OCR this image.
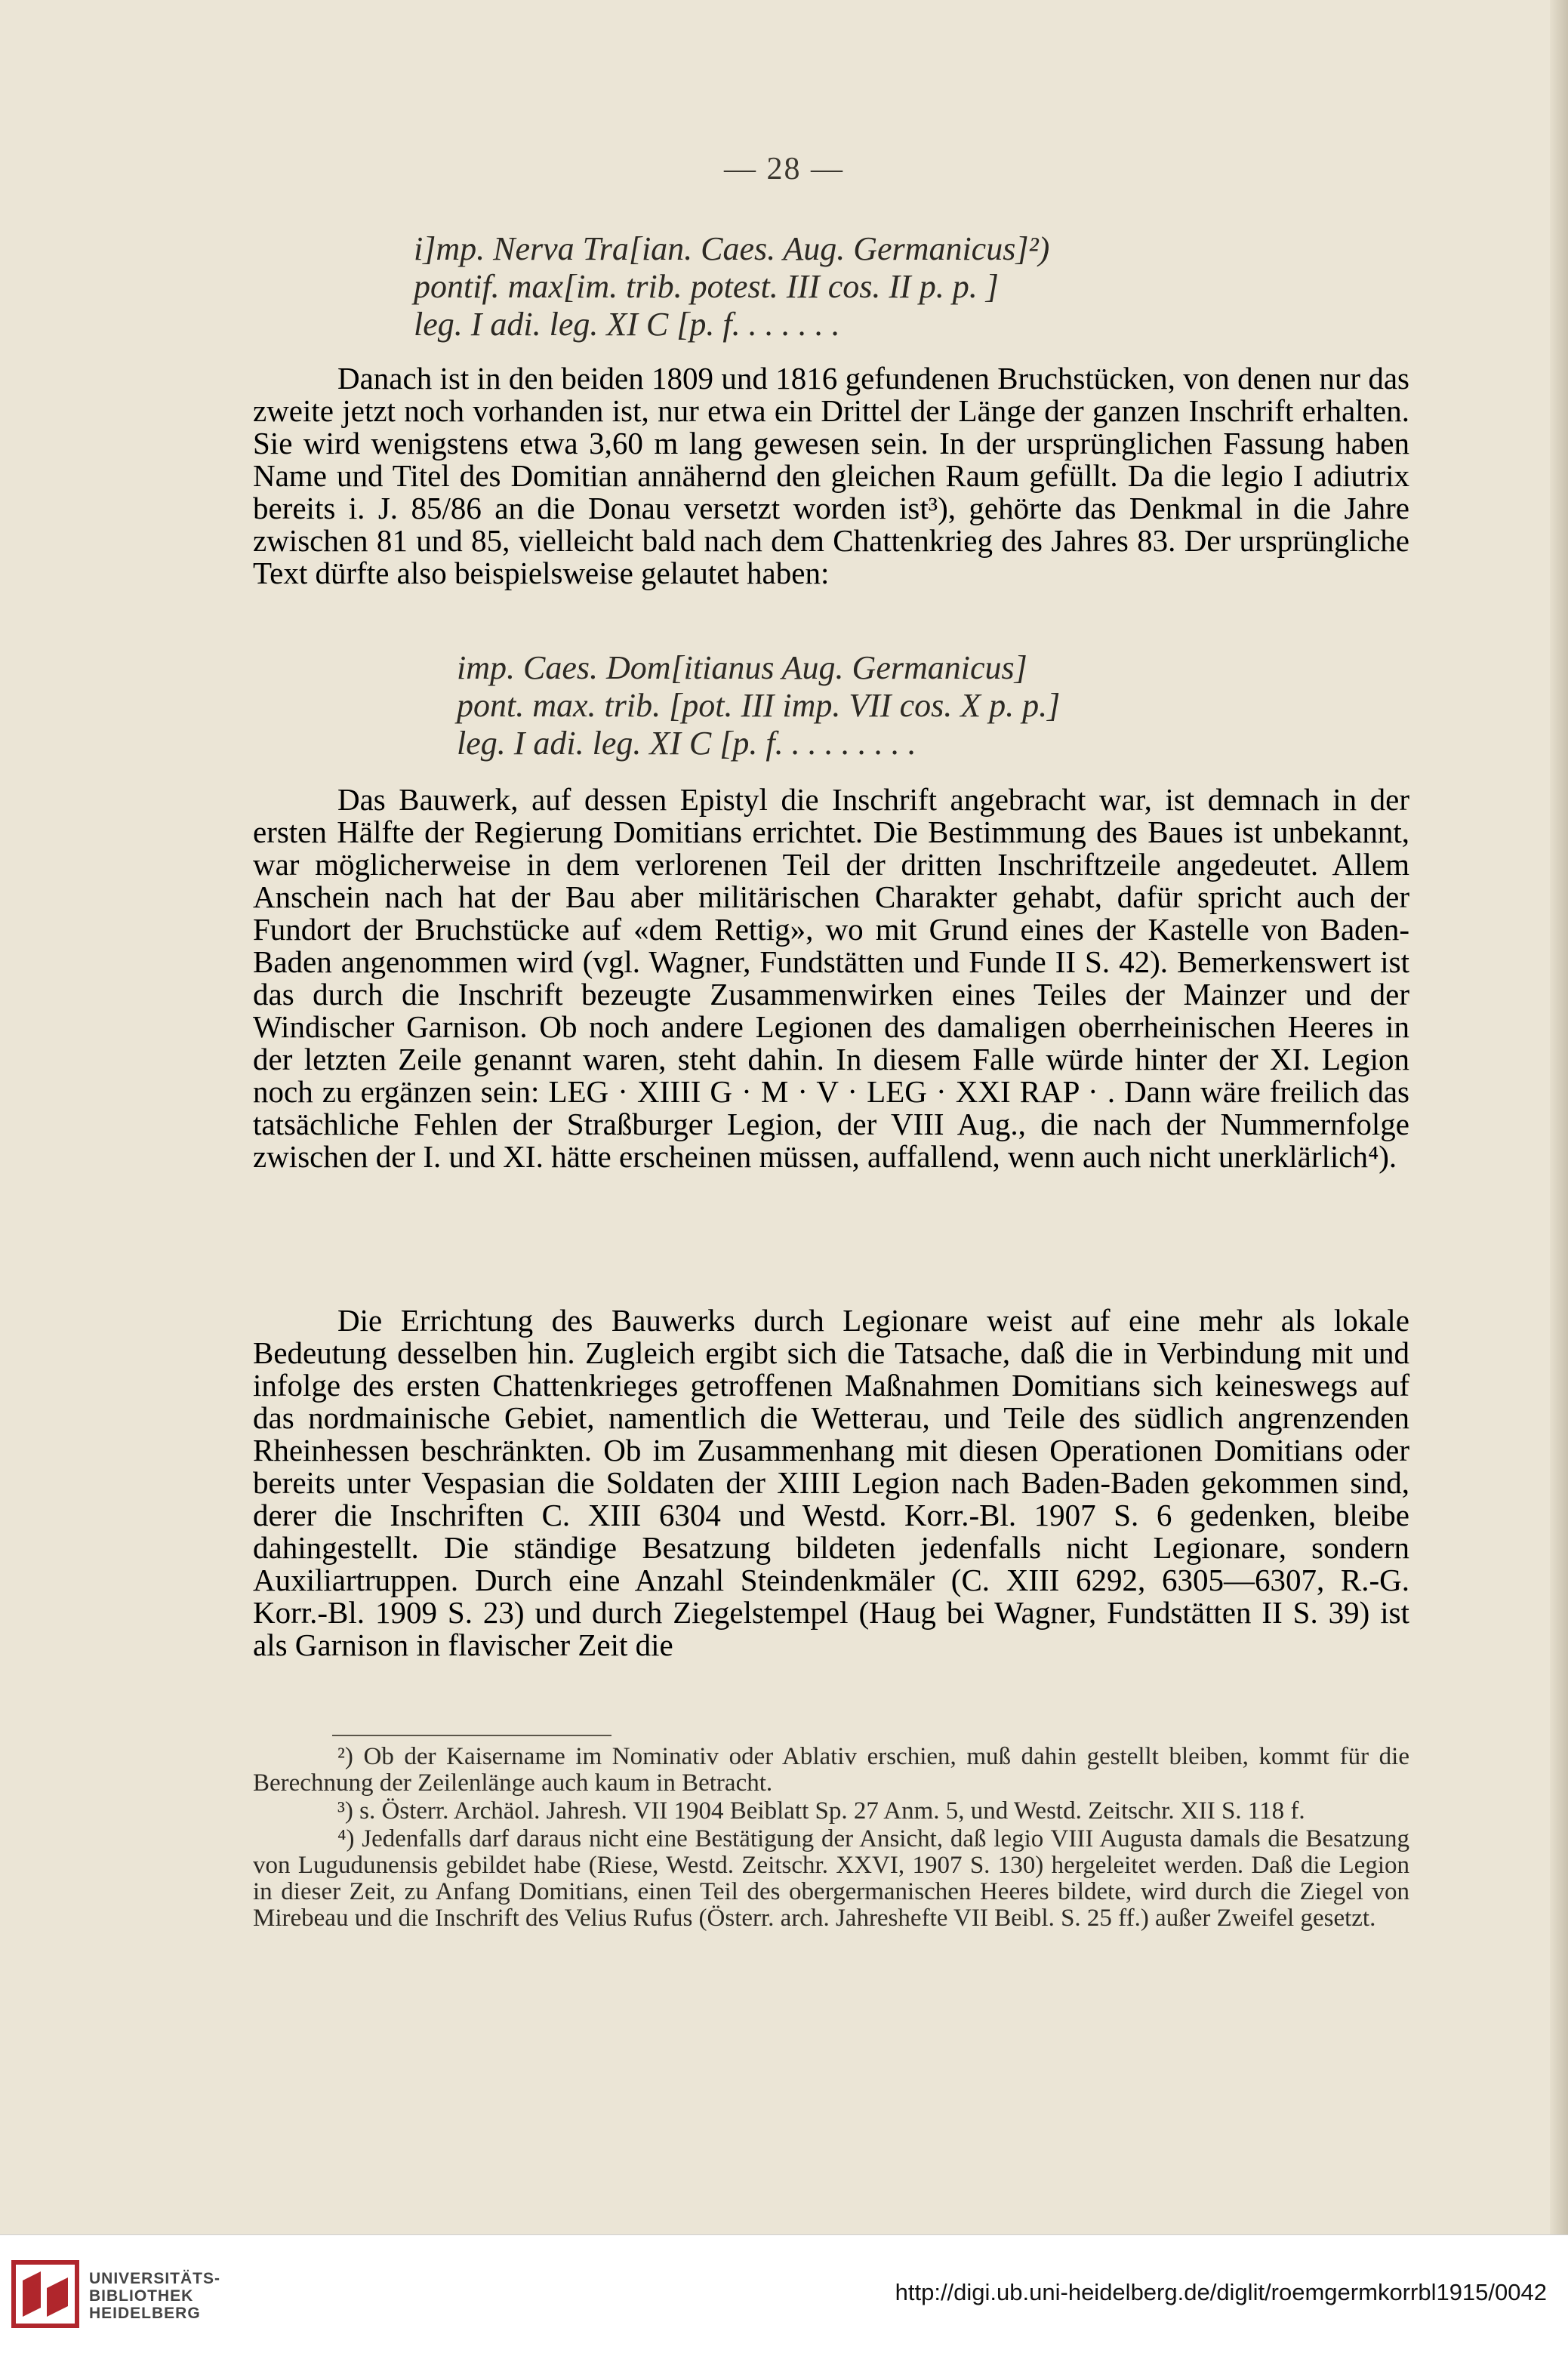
— 28 —
i]mp. Nerva Tra[ian. Caes. Aug. Germanicus]²)
pontif. max[im. trib. potest. III cos. II p. p. ]
leg. I adi. leg. XI C [p. f. . . . . . .

Danach ist in den beiden 1809 und 1816 gefundenen Bruchstücken, von denen nur das zweite jetzt noch vorhanden ist, nur etwa ein Drittel der Länge der ganzen Inschrift erhalten. Sie wird wenigstens etwa 3,60 m lang gewesen sein. In der ursprünglichen Fassung haben Name und Titel des Domitian annähernd den gleichen Raum gefüllt. Da die legio I adiutrix bereits i. J. 85/86 an die Donau versetzt worden ist³), gehörte das Denkmal in die Jahre zwischen 81 und 85, vielleicht bald nach dem Chattenkrieg des Jahres 83. Der ursprüngliche Text dürfte also beispielsweise gelautet haben:

imp. Caes. Dom[itianus Aug. Germanicus]
pont. max. trib. [pot. III imp. VII cos. X p. p.]
leg. I adi. leg. XI C [p. f. . . . . . . . .

Das Bauwerk, auf dessen Epistyl die Inschrift angebracht war, ist demnach in der ersten Hälfte der Regierung Domitians errichtet. Die Bestimmung des Baues ist unbekannt, war möglicherweise in dem verlorenen Teil der dritten Inschriftzeile angedeutet. Allem Anschein nach hat der Bau aber militärischen Charakter gehabt, dafür spricht auch der Fundort der Bruchstücke auf «dem Rettig», wo mit Grund eines der Kastelle von Baden-Baden angenommen wird (vgl. Wagner, Fundstätten und Funde II S. 42). Bemerkenswert ist das durch die Inschrift bezeugte Zusammenwirken eines Teiles der Mainzer und der Windischer Garnison. Ob noch andere Legionen des damaligen oberrheinischen Heeres in der letzten Zeile genannt waren, steht dahin. In diesem Falle würde hinter der XI. Legion noch zu ergänzen sein: LEG · XIIII G · M · V · LEG · XXI RAP · . Dann wäre freilich das tatsächliche Fehlen der Straßburger Legion, der VIII Aug., die nach der Nummernfolge zwischen der I. und XI. hätte erscheinen müssen, auffallend, wenn auch nicht unerklärlich⁴).

Die Errichtung des Bauwerks durch Legionare weist auf eine mehr als lokale Bedeutung desselben hin. Zugleich ergibt sich die Tatsache, daß die in Verbindung mit und infolge des ersten Chattenkrieges getroffenen Maßnahmen Domitians sich keineswegs auf das nordmainische Gebiet, namentlich die Wetterau, und Teile des südlich angrenzenden Rheinhessen beschränkten. Ob im Zusammenhang mit diesen Operationen Domitians oder bereits unter Vespasian die Soldaten der XIIII Legion nach Baden-Baden gekommen sind, derer die Inschriften C. XIII 6304 und Westd. Korr.-Bl. 1907 S. 6 gedenken, bleibe dahingestellt. Die ständige Besatzung bildeten jedenfalls nicht Legionare, sondern Auxiliartruppen. Durch eine Anzahl Steindenkmäler (C. XIII 6292, 6305—6307, R.-G. Korr.-Bl. 1909 S. 23) und durch Ziegelstempel (Haug bei Wagner, Fundstätten II S. 39) ist als Garnison in flavischer Zeit die

²) Ob der Kaisername im Nominativ oder Ablativ erschien, muß dahin gestellt bleiben, kommt für die Berechnung der Zeilenlänge auch kaum in Betracht.

³) s. Österr. Archäol. Jahresh. VII 1904 Beiblatt Sp. 27 Anm. 5, und Westd. Zeitschr. XII S. 118 f.

⁴) Jedenfalls darf daraus nicht eine Bestätigung der Ansicht, daß legio VIII Augusta damals die Besatzung von Lugudunensis gebildet habe (Riese, Westd. Zeitschr. XXVI, 1907 S. 130) hergeleitet werden. Daß die Legion in dieser Zeit, zu Anfang Domitians, einen Teil des obergermanischen Heeres bildete, wird durch die Ziegel von Mirebeau und die Inschrift des Velius Rufus (Österr. arch. Jahreshefte VII Beibl. S. 25 ff.) außer Zweifel gesetzt.

UNIVERSITÄTS-
BIBLIOTHEK
HEIDELBERG
http://digi.ub.uni-heidelberg.de/diglit/roemgermkorrbl1915/0042
